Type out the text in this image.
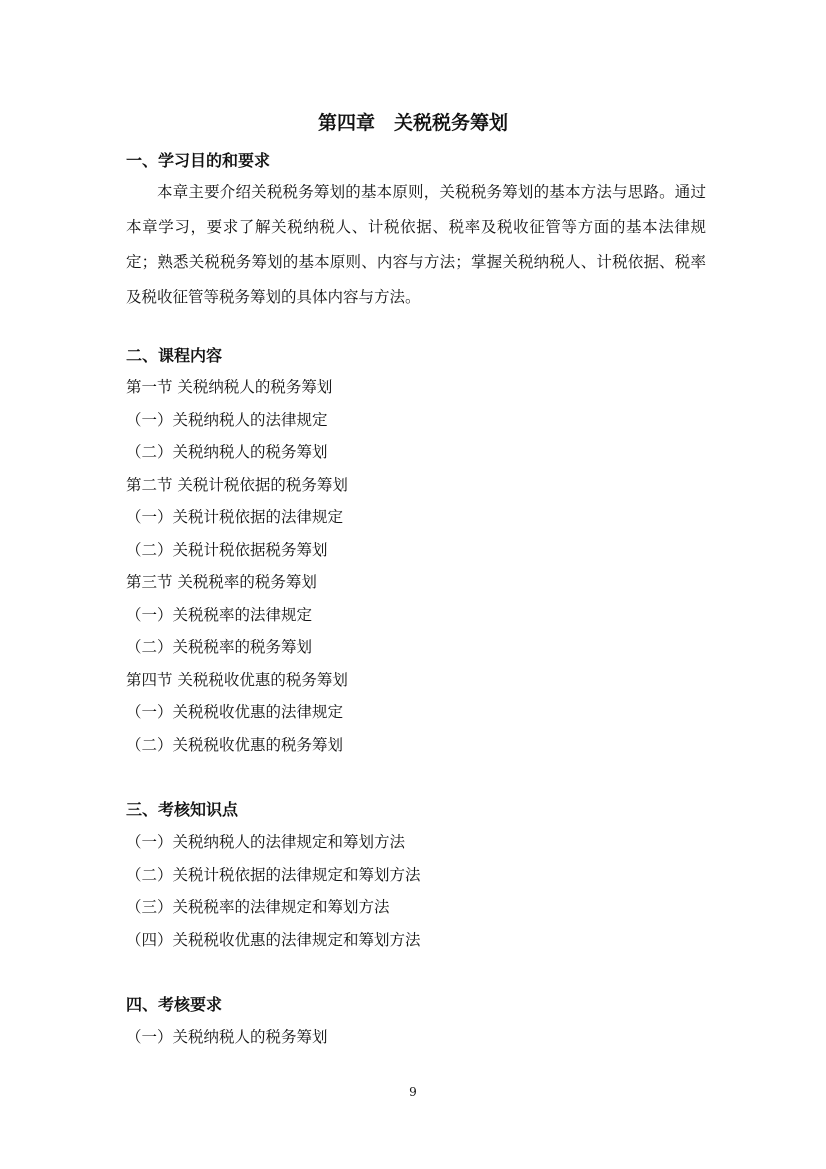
第四章　关税税务筹划
一、学习目的和要求

本章主要介绍关税税务筹划的基本原则，关税税务筹划的基本方法与思路。通过本章学习，要求了解关税纳税人、计税依据、税率及税收征管等方面的基本法律规定；熟悉关税税务筹划的基本原则、内容与方法；掌握关税纳税人、计税依据、税率及税收征管等税务筹划的具体内容与方法。

二、课程内容
第一节 关税纳税人的税务筹划
（一）关税纳税人的法律规定
（二）关税纳税人的税务筹划
第二节 关税计税依据的税务筹划
（一）关税计税依据的法律规定
（二）关税计税依据税务筹划
第三节 关税税率的税务筹划
（一）关税税率的法律规定
（二）关税税率的税务筹划
第四节 关税税收优惠的税务筹划
（一）关税税收优惠的法律规定
（二）关税税收优惠的税务筹划
三、考核知识点
（一）关税纳税人的法律规定和筹划方法
（二）关税计税依据的法律规定和筹划方法
（三）关税税率的法律规定和筹划方法
（四）关税税收优惠的法律规定和筹划方法
四、考核要求
（一）关税纳税人的税务筹划
9
